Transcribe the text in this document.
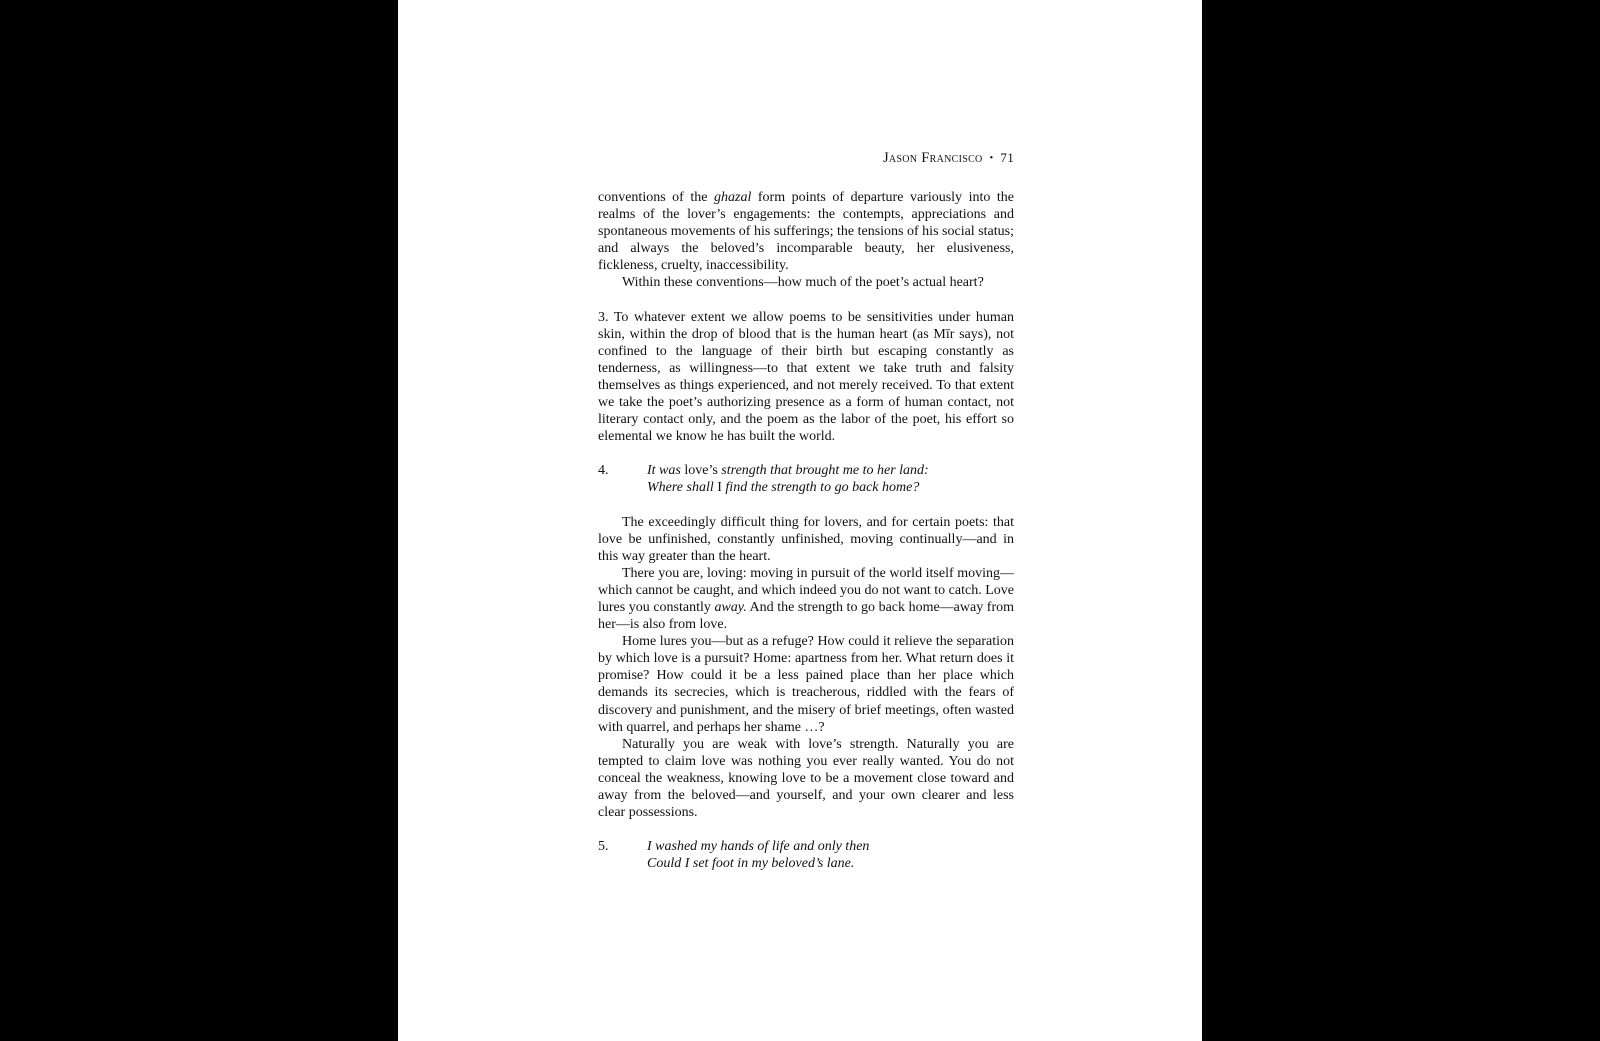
Jason Francisco • 71

conventions of the ghazal form points of departure variously into the realms of the lover’s engagements: the contempts, appreciations and spontaneous movements of his sufferings; the tensions of his social status; and always the beloved’s incomparable beauty, her elusiveness, fickleness, cruelty, inaccessibility.

Within these conventions—how much of the poet’s actual heart?

3. To whatever extent we allow poems to be sensitivities under human skin, within the drop of blood that is the human heart (as Mīr says), not confined to the language of their birth but escaping constantly as tenderness, as willingness—to that extent we take truth and falsity themselves as things experienced, and not merely received. To that extent we take the poet’s authorizing presence as a form of human contact, not literary contact only, and the poem as the labor of the poet, his effort so elemental we know he has built the world.

4.	It was love’s strength that brought me to her land:
Where shall I find the strength to go back home?

The exceedingly difficult thing for lovers, and for certain poets: that love be unfinished, constantly unfinished, moving continually—and in this way greater than the heart.

There you are, loving: moving in pursuit of the world itself moving—which cannot be caught, and which indeed you do not want to catch. Love lures you constantly away. And the strength to go back home—away from her—is also from love.

Home lures you—but as a refuge? How could it relieve the separation by which love is a pursuit? Home: apartness from her. What return does it promise? How could it be a less pained place than her place which demands its secrecies, which is treacherous, riddled with the fears of discovery and punishment, and the misery of brief meetings, often wasted with quarrel, and perhaps her shame …?

Naturally you are weak with love’s strength. Naturally you are tempted to claim love was nothing you ever really wanted. You do not conceal the weakness, knowing love to be a movement close toward and away from the beloved—and yourself, and your own clearer and less clear possessions.

5.	I washed my hands of life and only then
Could I set foot in my beloved’s lane.
